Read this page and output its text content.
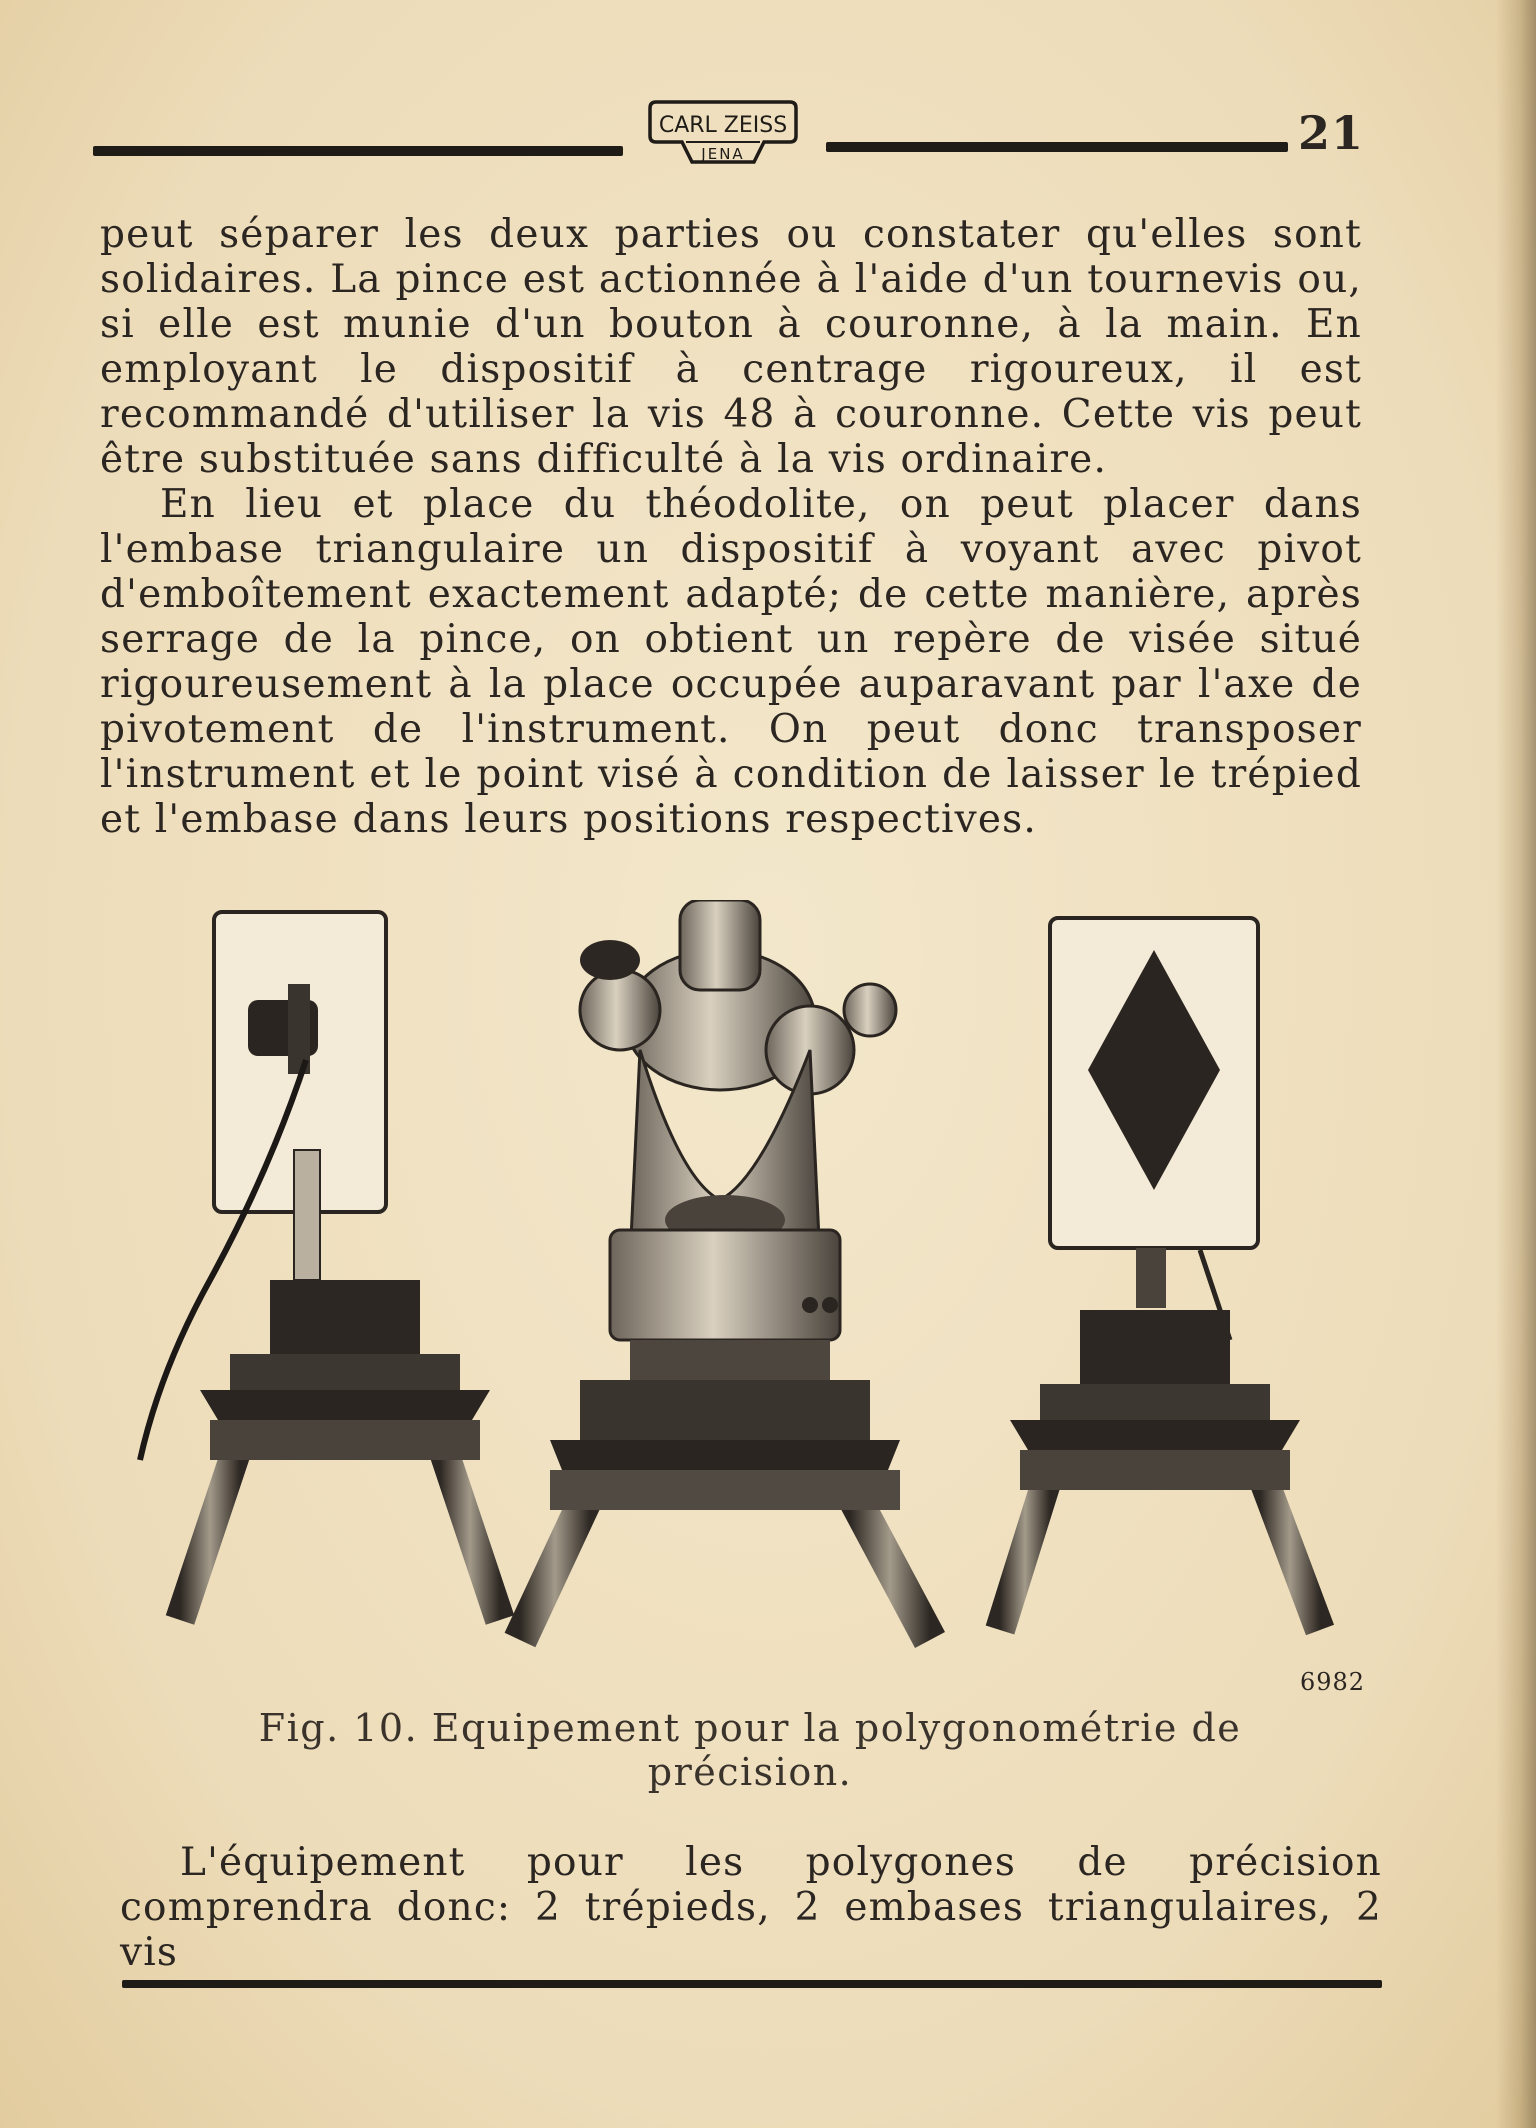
CARL ZEISS
JENA	21
peut séparer les deux parties ou constater qu'elles sont solidaires. La pince est actionnée à l'aide d'un tournevis ou, si elle est munie d'un bouton à couronne, à la main. En employant le dispositif à centrage rigoureux, il est recommandé d'utiliser la vis 48 à couronne. Cette vis peut être substituée sans difficulté à la vis ordinaire.
En lieu et place du théodolite, on peut placer dans l'embase triangulaire un dispositif à voyant avec pivot d'emboîtement exactement adapté; de cette manière, après serrage de la pince, on obtient un repère de visée situé rigoureusement à la place occupée auparavant par l'axe de pivotement de l'instrument. On peut donc transposer l'instrument et le point visé à condition de laisser le trépied et l'embase dans leurs positions respectives.
6982
Fig. 10. Equipement pour la polygonométrie de précision.
L'équipement pour les polygones de précision comprendra donc: 2 trépieds, 2 embases triangulaires, 2 vis
